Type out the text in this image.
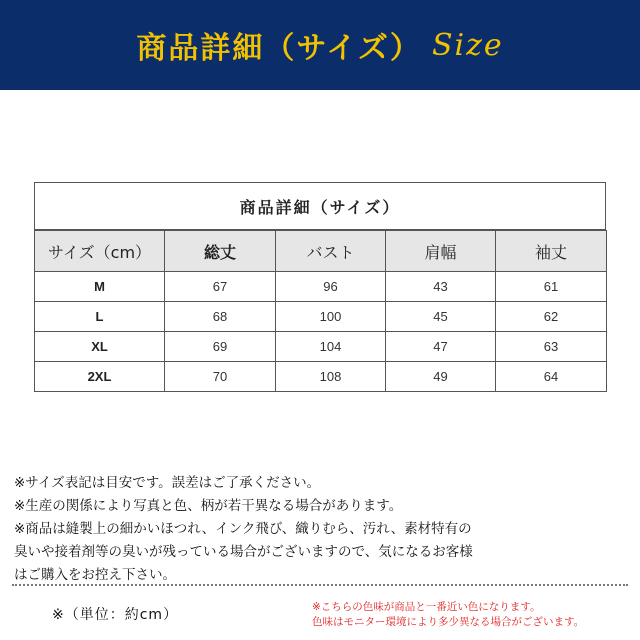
商品詳細（サイズ） Size
商品詳細（サイズ）
サイズ（cm）	総丈	バスト	肩幅	袖丈
M	67	96	43	61
L	68	100	45	62
XL	69	104	47	63
2XL	70	108	49	64
※サイズ表記は目安です。誤差はご了承ください。
※生産の関係により写真と色、柄が若干異なる場合があります。
※商品は縫製上の細かいほつれ、インク飛び、織りむら、汚れ、素材特有の
臭いや接着剤等の臭いが残っている場合がございますので、気になるお客様
はご購入をお控え下さい。
※（単位：約cm）	※こちらの色味が商品と一番近い色になります。
色味はモニター環境により多少異なる場合がございます。
